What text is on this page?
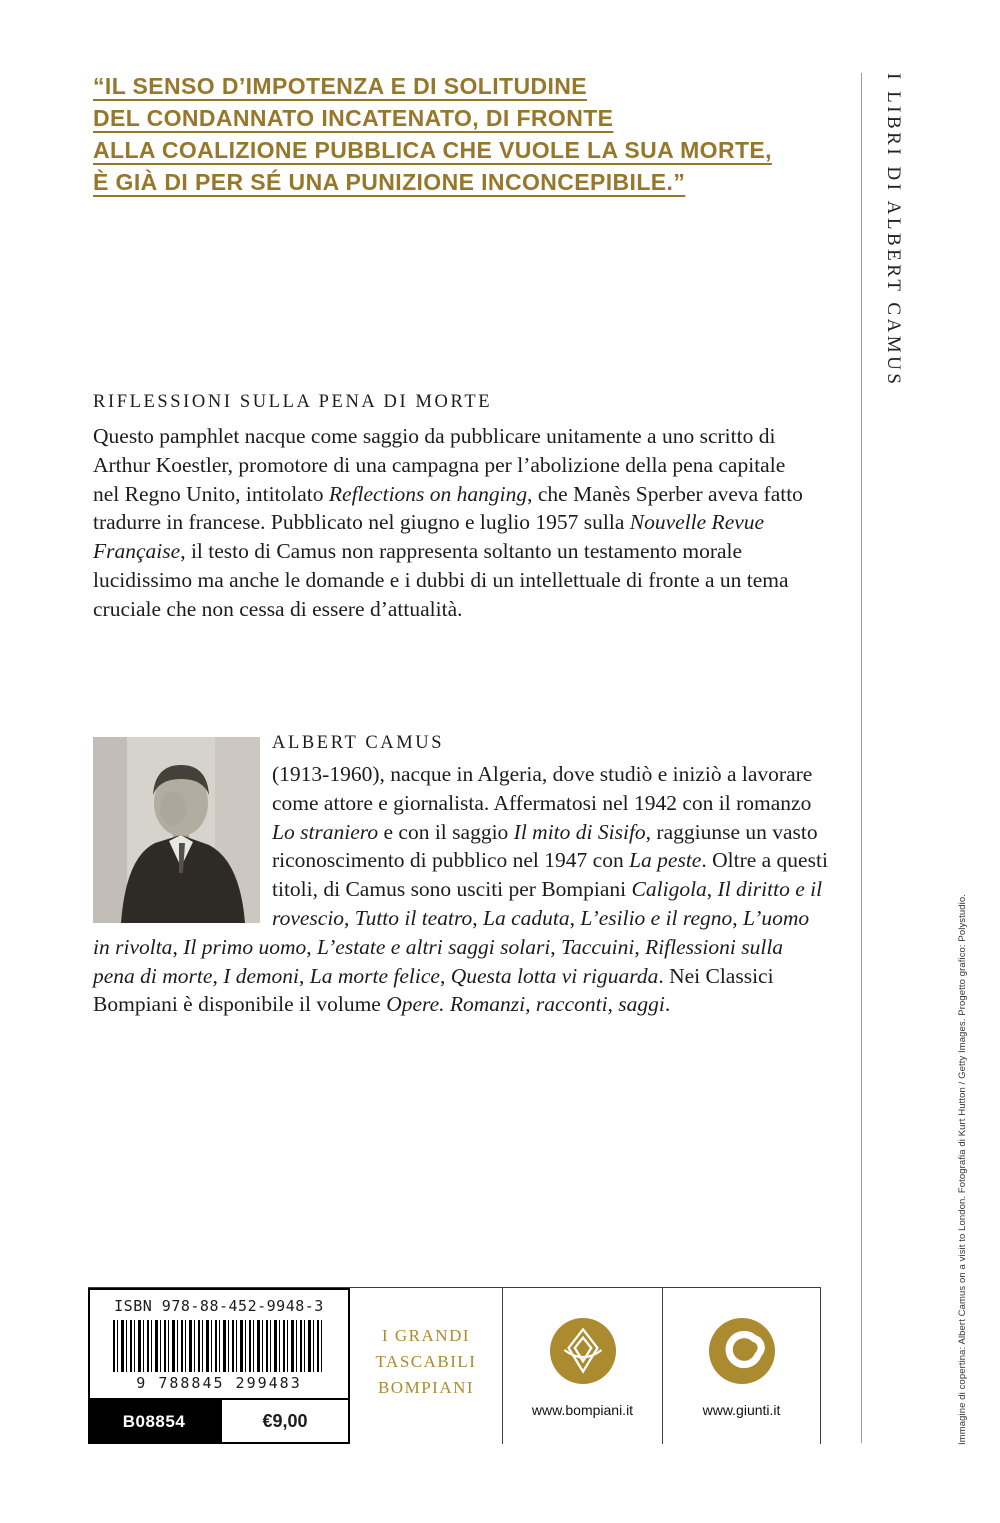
“IL SENSO D’IMPOTENZA E DI SOLITUDINE
DEL CONDANNATO INCATENATO, DI FRONTE
ALLA COALIZIONE PUBBLICA CHE VUOLE LA SUA MORTE,
È GIÀ DI PER SÉ UNA PUNIZIONE INCONCEPIBILE.”	I LIBRI DI ALBERT CAMUS
RIFLESSIONI SULLA PENA DI MORTE

Questo pamphlet nacque come saggio da pubblicare unitamente a uno scritto di Arthur Koestler, promotore di una campagna per l’abolizione della pena capitale nel Regno Unito, intitolato Reflections on hanging, che Manès Sperber aveva fatto tradurre in francese. Pubblicato nel giugno e luglio 1957 sulla Nouvelle Revue Française, il testo di Camus non rappresenta soltanto un testamento morale lucidissimo ma anche le domande e i dubbi di un intellettuale di fronte a un tema cruciale che non cessa di essere d’attualità.

ALBERT CAMUS

(1913-1960), nacque in Algeria, dove studiò e iniziò a lavorare come attore e giornalista. Affermatosi nel 1942 con il romanzo Lo straniero e con il saggio Il mito di Sisifo, raggiunse un vasto riconoscimento di pubblico nel 1947 con La peste. Oltre a questi titoli, di Camus sono usciti per Bompiani Caligola, Il diritto e il rovescio, Tutto il teatro, La caduta, L’esilio e il regno, L’uomo in rivolta, Il primo uomo, L’estate e altri saggi solari, Taccuini, Riflessioni sulla pena di morte, I demoni, La morte felice, Questa lotta vi riguarda. Nei Classici Bompiani è disponibile il volume Opere. Romanzi, racconti, saggi.

ISBN 978-88-452-9948-3
9 788845 299483
B08854	€9,00
I GRANDI
TASCABILI
BOMPIANI
www.bompiani.it	www.giunti.it	Immagine di copertina: Albert Camus on a visit to London. Fotografia di Kurt Hutton / Getty Images. Progetto grafico: Polystudio.
